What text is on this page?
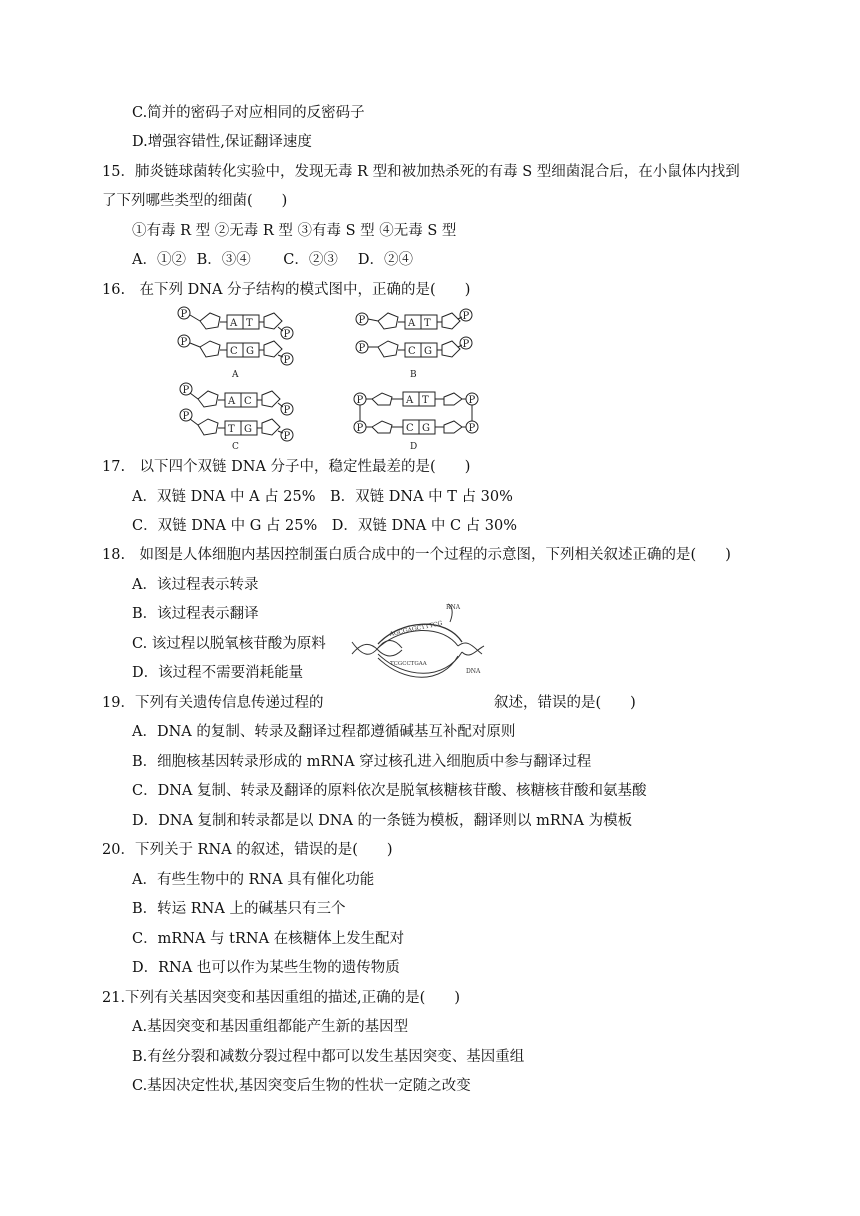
C.简并的密码子对应相同的反密码子
D.增强容错性,保证翻译速度
15．肺炎链球菌转化实验中，发现无毒 R 型和被加热杀死的有毒 S 型细菌混合后，在小鼠体内找到
了下列哪些类型的细菌(　　)
①有毒 R 型 ②无毒 R 型 ③有毒 S 型 ④无毒 S 型
A．①② B．③④ C．②③ D．②④
16.　在下列 DNA 分子结构的模式图中，正确的是(　　)
P
A T
P
P
C G
P
A
P	A T
P
P	C G
P
B
P
A C
P
P
T G
P
C
P	A T	P
P	C G	P
D
17.　以下四个双链 DNA 分子中，稳定性最差的是(　　)
A．双链 DNA 中 A 占 25%　B．双链 DNA 中 T 占 30%
C．双链 DNA 中 G 占 25%　D．双链 DNA 中 C 占 30%
18.　如图是人体细胞内基因控制蛋白质合成中的一个过程的示意图，下列相关叙述正确的是(　　)
A．该过程表示转录
B．该过程表示翻译
C. 该过程以脱氧核苷酸为原料
D．该过程不需要消耗能量
RNA
DNA
AGCGAGCTTTCG
TCGCCTGAA
19．下列有关遗传信息传递过程的	叙述，错误的是(　　)
A．DNA 的复制、转录及翻译过程都遵循碱基互补配对原则
B．细胞核基因转录形成的 mRNA 穿过核孔进入细胞质中参与翻译过程
C．DNA 复制、转录及翻译的原料依次是脱氧核糖核苷酸、核糖核苷酸和氨基酸
D．DNA 复制和转录都是以 DNA 的一条链为模板，翻译则以 mRNA 为模板
20．下列关于 RNA 的叙述，错误的是(　　)
A．有些生物中的 RNA 具有催化功能
B．转运 RNA 上的碱基只有三个
C．mRNA 与 tRNA 在核糖体上发生配对
D．RNA 也可以作为某些生物的遗传物质
21.下列有关基因突变和基因重组的描述,正确的是(　　)
A.基因突变和基因重组都能产生新的基因型
B.有丝分裂和减数分裂过程中都可以发生基因突变、基因重组
C.基因决定性状,基因突变后生物的性状一定随之改变
